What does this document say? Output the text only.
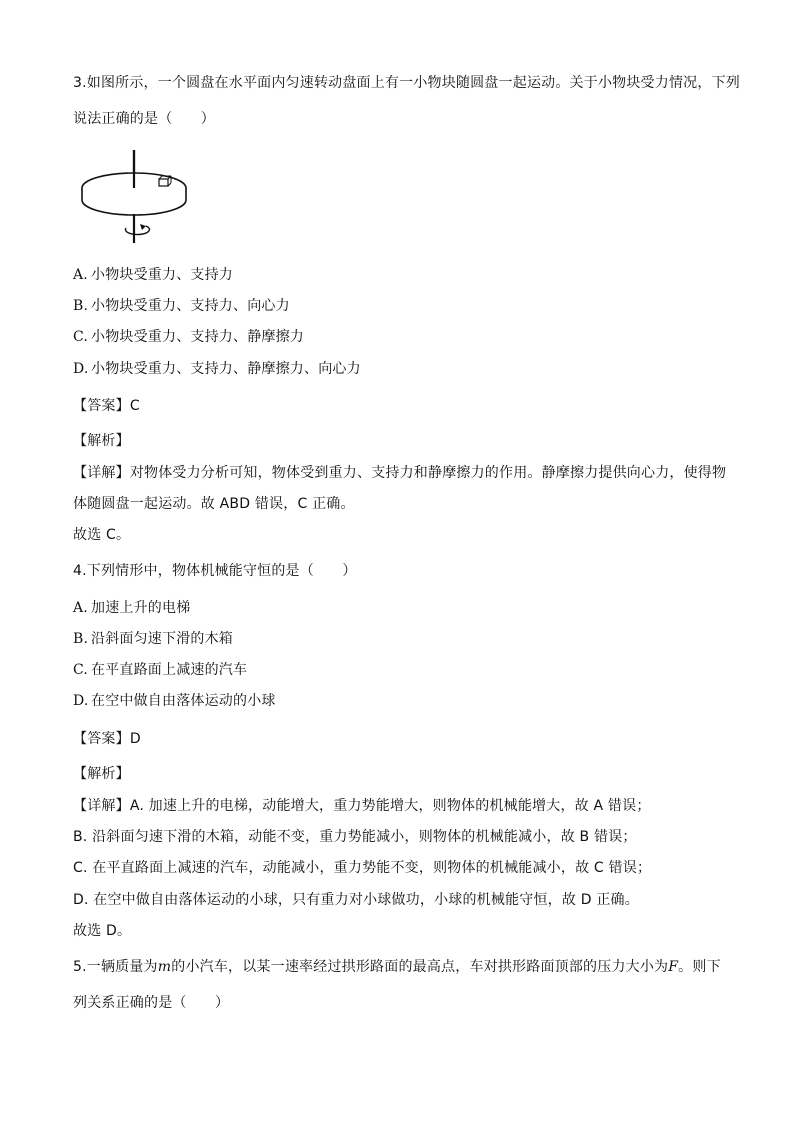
3.如图所示，一个圆盘在水平面内匀速转动盘面上有一小物块随圆盘一起运动。关于小物块受力情况，下列
说法正确的是（　　）
A. 小物块受重力、支持力
B. 小物块受重力、支持力、向心力
C. 小物块受重力、支持力、静摩擦力
D. 小物块受重力、支持力、静摩擦力、向心力
【答案】C
【解析】
【详解】对物体受力分析可知，物体受到重力、支持力和静摩擦力的作用。静摩擦力提供向心力，使得物
体随圆盘一起运动。故 ABD 错误，C 正确。
故选 C。
4.下列情形中，物体机械能守恒的是（　　）
A. 加速上升的电梯
B. 沿斜面匀速下滑的木箱
C. 在平直路面上减速的汽车
D. 在空中做自由落体运动的小球
【答案】D
【解析】
【详解】A. 加速上升的电梯，动能增大，重力势能增大，则物体的机械能增大，故 A 错误；
B. 沿斜面匀速下滑的木箱，动能不变，重力势能减小，则物体的机械能减小，故 B 错误；
C. 在平直路面上减速的汽车，动能减小，重力势能不变，则物体的机械能减小，故 C 错误；
D. 在空中做自由落体运动的小球，只有重力对小球做功，小球的机械能守恒，故 D 正确。
故选 D。
5.一辆质量为m的小汽车，以某一速率经过拱形路面的最高点，车对拱形路面顶部的压力大小为F。则下
列关系正确的是（　　）
